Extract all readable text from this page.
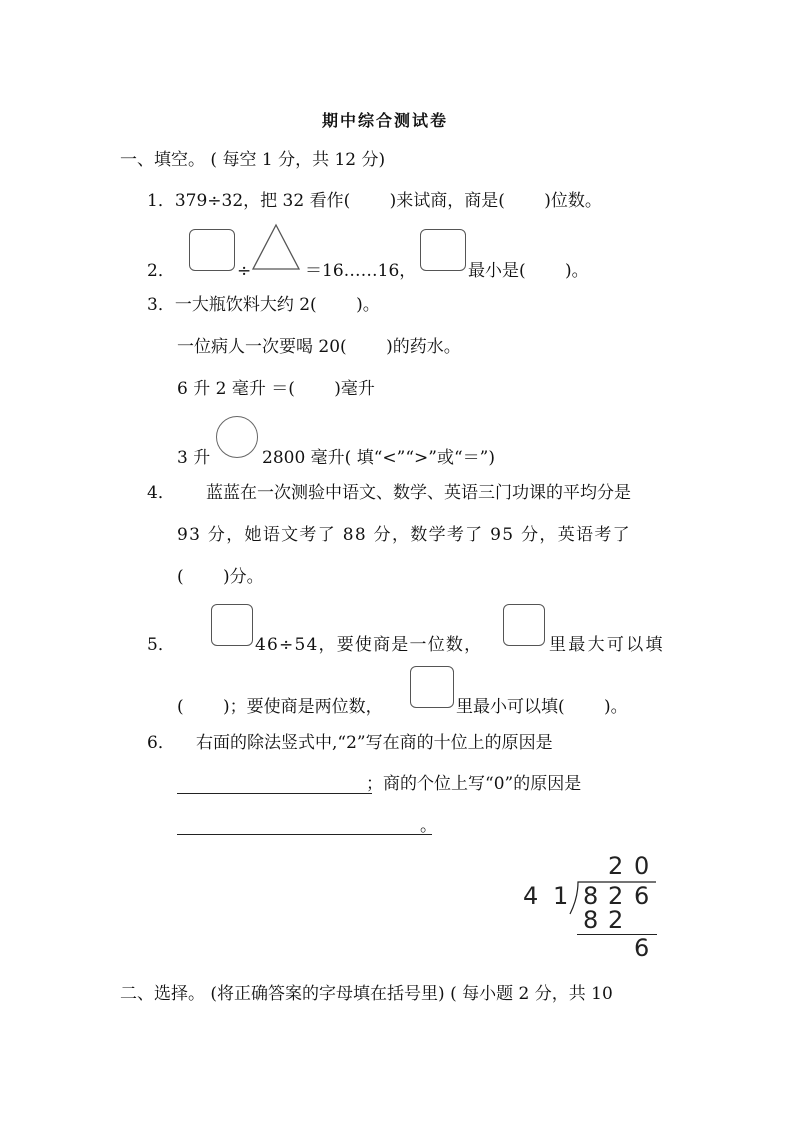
期中综合测试卷
一、填空。 ( 每空 1 分，共 12 分)
1．379÷32，把 32 看作(　　 )来试商，商是(　　 )位数。
2．	÷	＝16……16，	最小是(　　 )。
3．一大瓶饮料大约 2(　　 )。
一位病人一次要喝 20(　　 )的药水。
6 升 2 毫升 ＝(　　 )毫升
3 升	2800 毫升( 填“<”“>”或“＝”)
4． 蓝蓝在一次测验中语文、数学、英语三门功课的平均分是
93 分，她语文考了 88 分，数学考了 95 分，英语考了
(　　 )分。
5．	46÷54，要使商是一位数，	里最大可以填
(　　 )；要使商是两位数，	里最小可以填(　　 )。
6． 右面的除法竖式中,“2”写在商的十位上的原因是
；商的个位上写“0”的原因是
。
2 0
4 1 8 2 6
8 2
6
二、选择。 (将正确答案的字母填在括号里) ( 每小题 2 分，共 10
